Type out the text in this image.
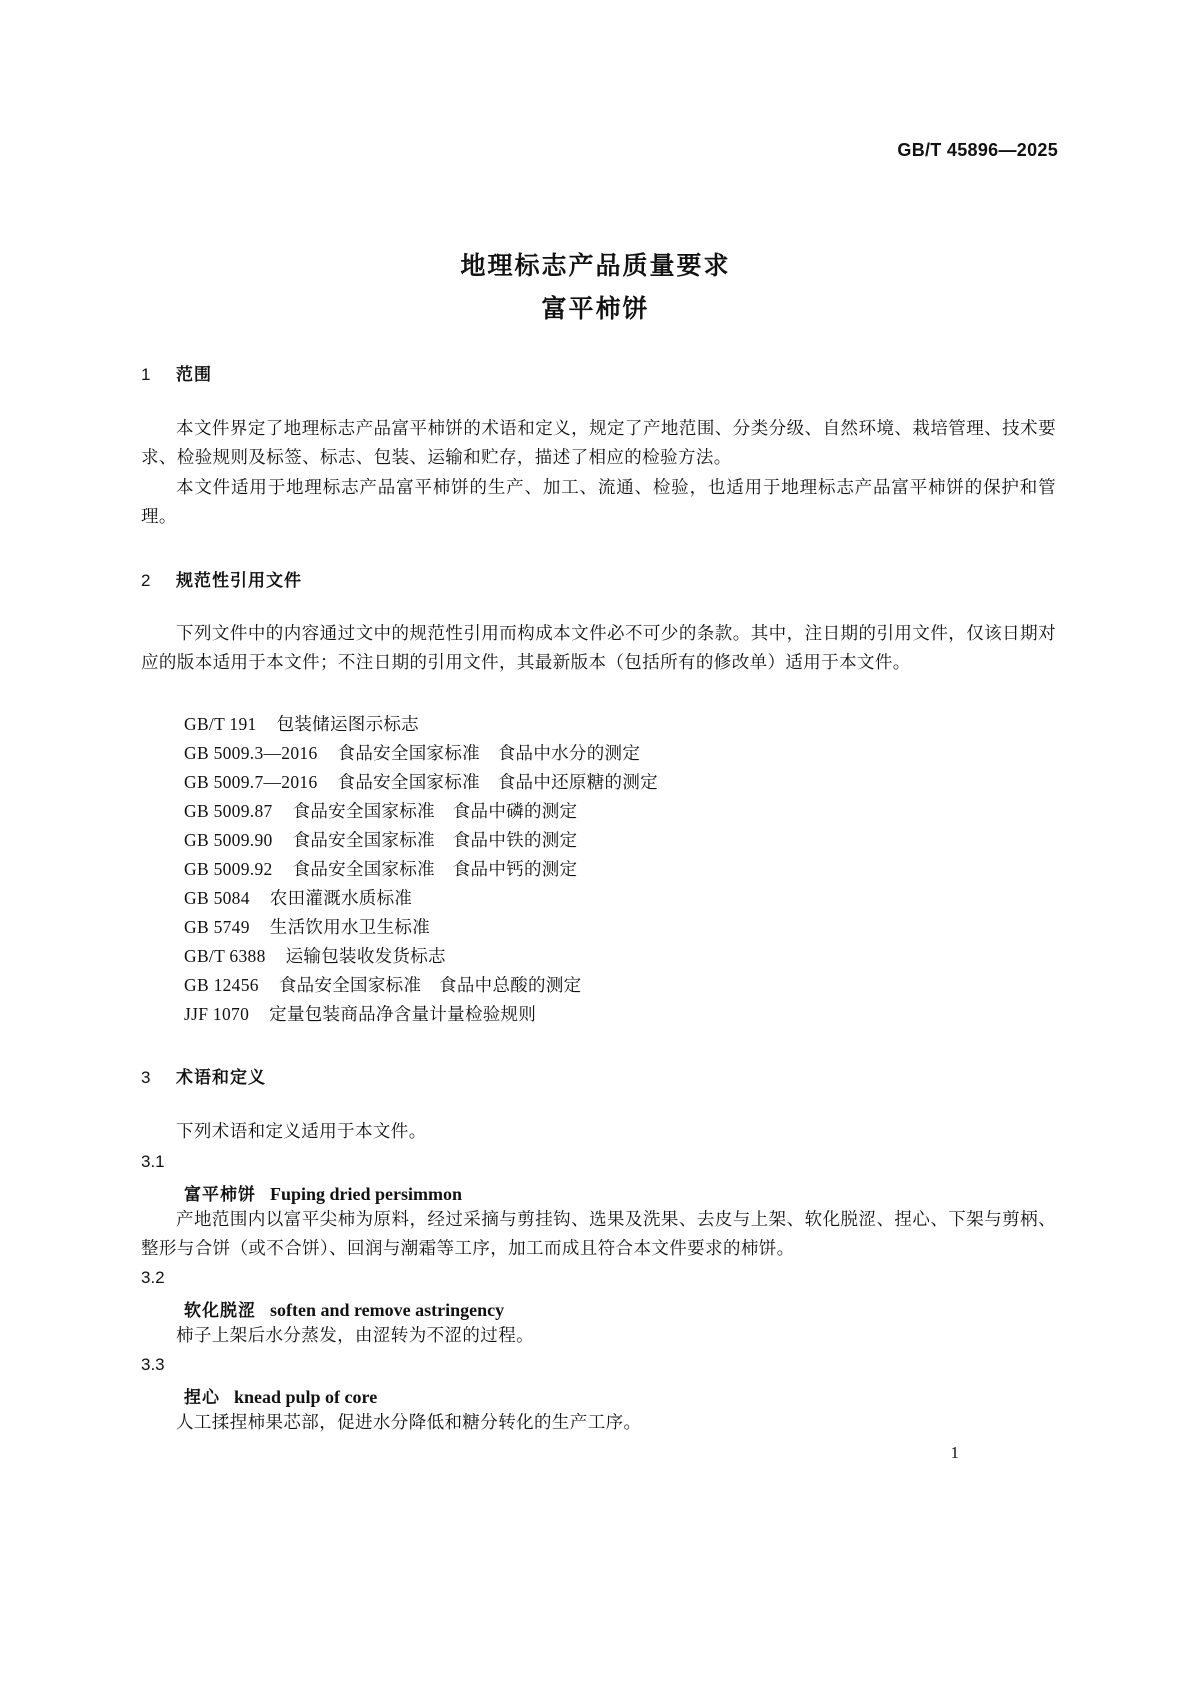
GB/T 45896—2025
地理标志产品质量要求
富平柿饼
1 范围
本文件界定了地理标志产品富平柿饼的术语和定义，规定了产地范围、分类分级、自然环境、栽培管理、技术要求、检验规则及标签、标志、包装、运输和贮存，描述了相应的检验方法。
本文件适用于地理标志产品富平柿饼的生产、加工、流通、检验，也适用于地理标志产品富平柿饼的保护和管理。
2 规范性引用文件
下列文件中的内容通过文中的规范性引用而构成本文件必不可少的条款。其中，注日期的引用文件，仅该日期对应的版本适用于本文件；不注日期的引用文件，其最新版本（包括所有的修改单）适用于本文件。
GB/T 191 包装储运图示标志
GB 5009.3—2016 食品安全国家标准　食品中水分的测定
GB 5009.7—2016 食品安全国家标准　食品中还原糖的测定
GB 5009.87 食品安全国家标准　食品中磷的测定
GB 5009.90 食品安全国家标准　食品中铁的测定
GB 5009.92 食品安全国家标准　食品中钙的测定
GB 5084 农田灌溉水质标准
GB 5749 生活饮用水卫生标准
GB/T 6388 运输包装收发货标志
GB 12456 食品安全国家标准　食品中总酸的测定
JJF 1070 定量包装商品净含量计量检验规则
3 术语和定义
下列术语和定义适用于本文件。
3.1
富平柿饼 Fuping dried persimmon
产地范围内以富平尖柿为原料，经过采摘与剪挂钩、选果及洗果、去皮与上架、软化脱涩、捏心、下架与剪柄、整形与合饼（或不合饼）、回润与潮霜等工序，加工而成且符合本文件要求的柿饼。
3.2
软化脱涩 soften and remove astringency
柿子上架后水分蒸发，由涩转为不涩的过程。
3.3
捏心 knead pulp of core
人工揉捏柿果芯部，促进水分降低和糖分转化的生产工序。
1
